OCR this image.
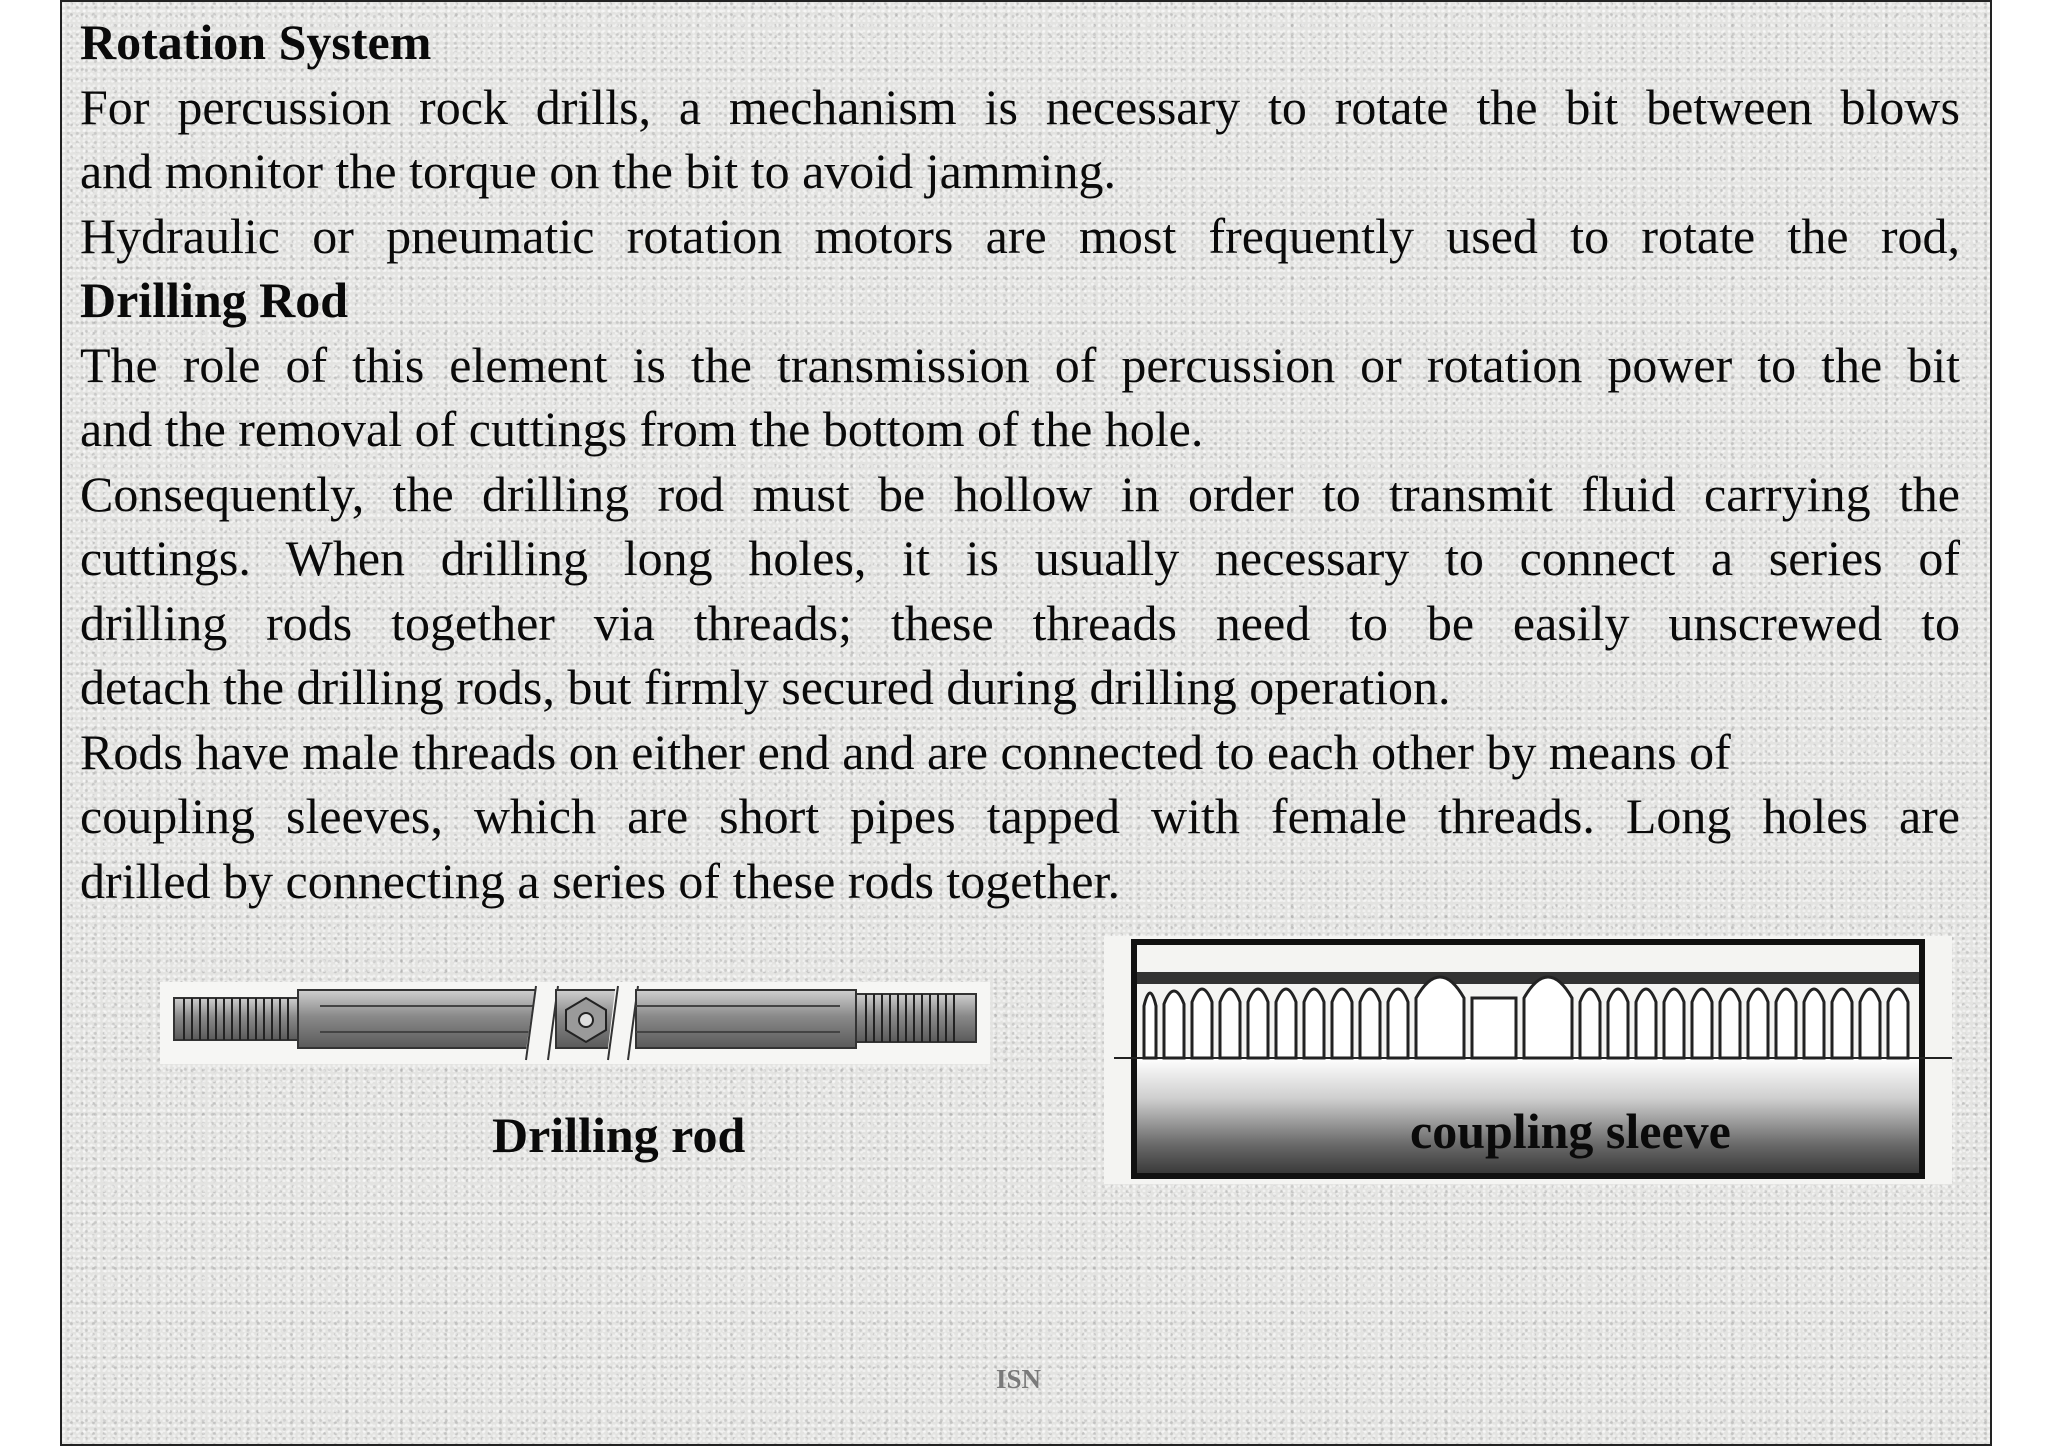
Rotation System

For percussion rock drills, a mechanism is necessary to rotate the bit between blows

and monitor the torque on the bit to avoid jamming.

Hydraulic or pneumatic rotation motors are most frequently used to rotate the rod,

Drilling Rod

The role of this element is the transmission of percussion or rotation power to the bit

and the removal of cuttings from the bottom of the hole.

Consequently, the drilling rod must be hollow in order to transmit fluid carrying the

cuttings. When drilling long holes, it is usually necessary to connect a series of

drilling rods together via threads; these threads need to be easily unscrewed to

detach the drilling rods, but firmly secured during drilling operation.

Rods have male threads on either end and are connected to each other by means of

coupling sleeves, which are short pipes tapped with female threads. Long holes are

drilled by connecting a series of these rods together.

Drilling rod	coupling sleeve
ISN
